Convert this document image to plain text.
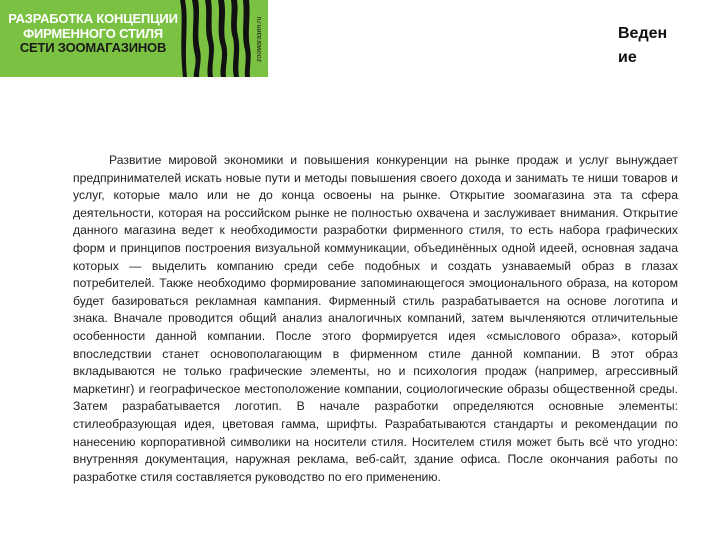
РАЗРАБОТКА КОНЦЕПЦИИ
ФИРМЕННОГО СТИЛЯ
СЕТИ ЗООМАГАЗИНОВ	zooмагазин.ru	Веден
ие

Развитие мировой экономики и повышения конкуренции на рынке продаж и услуг вынуждает предпринимателей искать новые пути и методы повышения своего дохода и занимать те ниши товаров и услуг, которые мало или не до конца освоены на рынке. Открытие зоомагазина эта та сфера деятельности, которая на российском рынке не полностью охвачена и заслуживает внимания. Открытие данного магазина ведет к необходимости разработки фирменного стиля, то есть набора графических форм и принципов построения визуальной коммуникации, объединённых одной идеей, основная задача которых — выделить компанию среди себе подобных и создать узнаваемый образ в глазах потребителей. Также необходимо формирование запоминающегося эмоционального образа, на котором будет базироваться рекламная кампания. Фирменный стиль разрабатывается на основе логотипа и знака. Вначале проводится общий анализ аналогичных компаний, затем вычленяются отличительные особенности данной компании. После этого формируется идея «смыслового образа», который впоследствии станет основополагающим в фирменном стиле данной компании. В этот образ вкладываются не только графические элементы, но и психология продаж (например, агрессивный маркетинг) и географическое местоположение компании, социологические образы общественной среды. Затем разрабатывается логотип. В начале разработки определяются основные элементы: стилеобразующая идея, цветовая гамма, шрифты. Разрабатываются стандарты и рекомендации по нанесению корпоративной символики на носители стиля. Носителем стиля может быть всё что угодно: внутренняя документация, наружная реклама, веб-сайт, здание офиса. После окончания работы по разработке стиля составляется руководство по его применению.
